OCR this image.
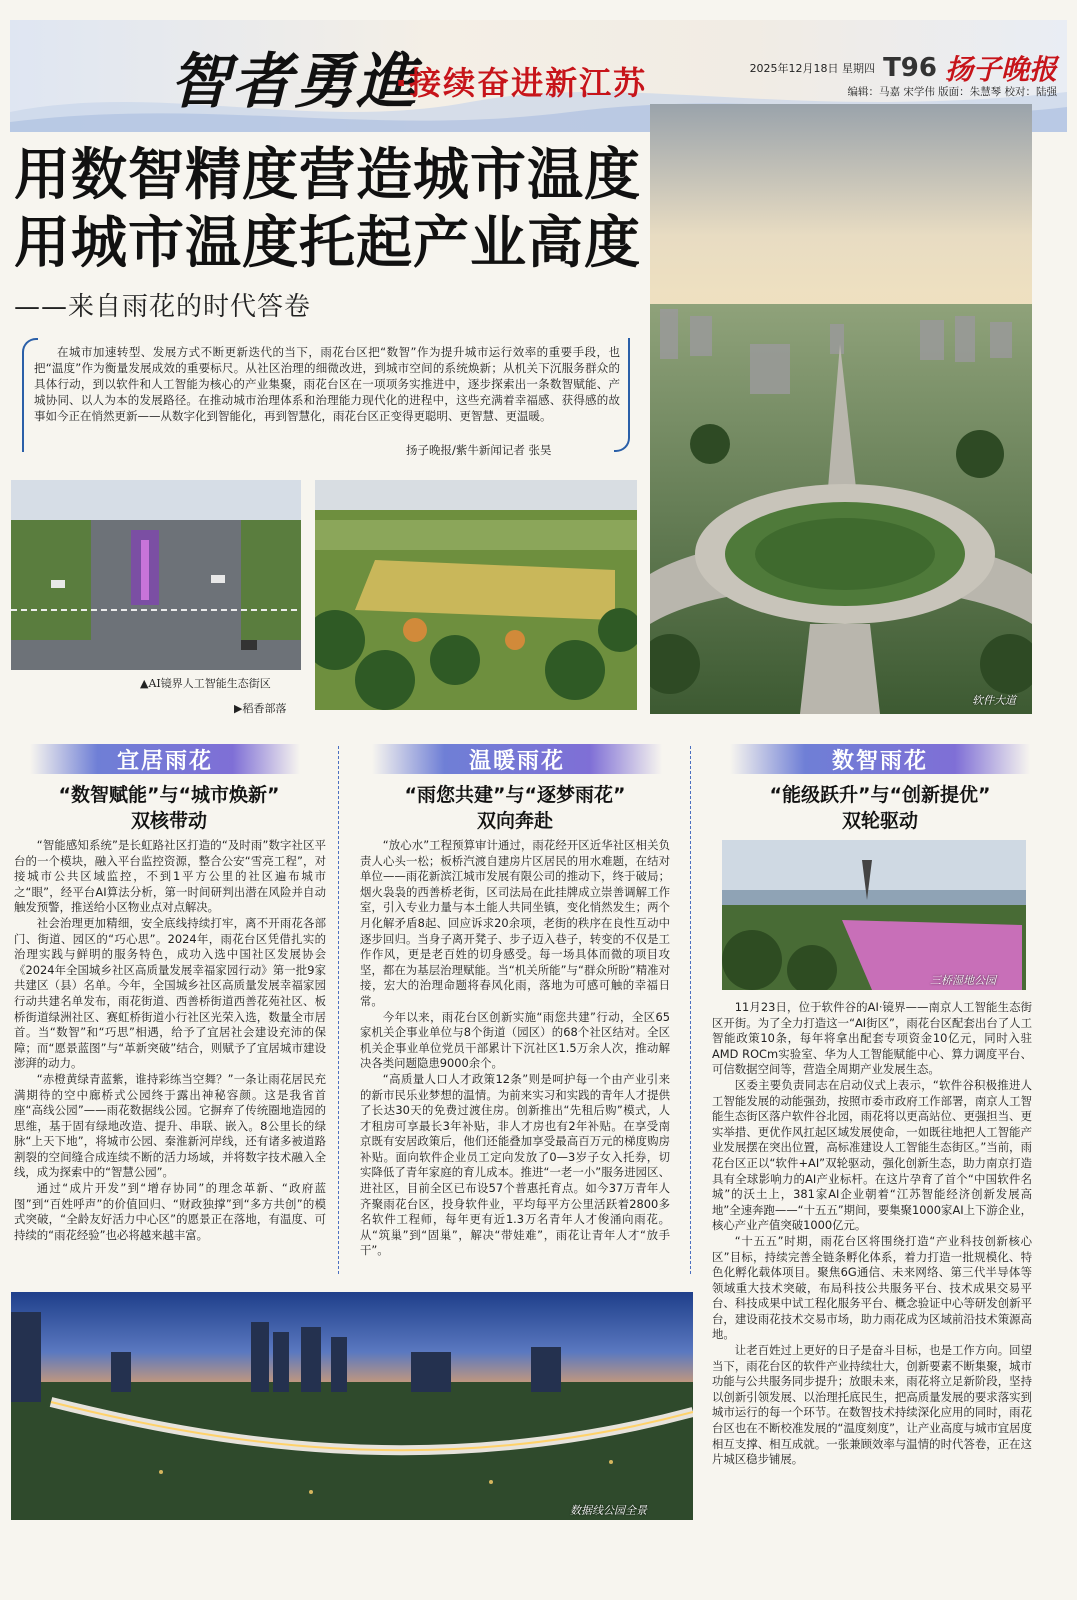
智者勇進
·接续奋进新江苏	2025年12月18日 星期四 T96 扬子晚报
编辑：马嘉 宋学伟 版面：朱慧琴 校对：陆强
用数智精度营造城市温度
用城市温度托起产业高度
——来自雨花的时代答卷
在城市加速转型、发展方式不断更新迭代的当下，雨花台区把“数智”作为提升城市运行效率的重要手段，也把“温度”作为衡量发展成效的重要标尺。从社区治理的细微改进，到城市空间的系统焕新；从机关下沉服务群众的具体行动，到以软件和人工智能为核心的产业集聚，雨花台区在一项项务实推进中，逐步探索出一条数智赋能、产城协同、以人为本的发展路径。在推动城市治理体系和治理能力现代化的进程中，这些充满着幸福感、获得感的故事如今正在悄然更新——从数字化到智能化，再到智慧化，雨花台区正变得更聪明、更智慧、更温暖。
扬子晚报/紫牛新闻记者 张昊
软件大道
▲AI镜界人工智能生态街区
▶稻香部落
宜居雨花	温暖雨花	数智雨花
“数智赋能”与“城市焕新”
双核带动
“雨您共建”与“逐梦雨花”
双向奔赴
“能级跃升”与“创新提优”
双轮驱动

“智能感知系统”是长虹路社区打造的“及时雨”数字社区平台的一个模块，融入平台监控资源，整合公安“雪亮工程”，对接城市公共区域监控，不到1平方公里的社区遍布城市之“眼”，经平台AI算法分析，第一时间研判出潜在风险并自动触发预警，推送给小区物业点对点解决。

社会治理更加精细，安全底线持续打牢，离不开雨花各部门、街道、园区的“巧心思”。2024年，雨花台区凭借扎实的治理实践与鲜明的服务特色，成功入选中国社区发展协会《2024年全国城乡社区高质量发展幸福家园行动》第一批9家共建区（县）名单。今年，全国城乡社区高质量发展幸福家园行动共建名单发布，雨花街道、西善桥街道西善花苑社区、板桥街道绿洲社区、赛虹桥街道小行社区光荣入选，数量全市居首。当“数智”和“巧思”相遇，给予了宜居社会建设充沛的保障；而“愿景蓝图”与“革新突破”结合，则赋予了宜居城市建设澎湃的动力。

“赤橙黄绿青蓝紫，谁持彩练当空舞？”一条让雨花居民充满期待的空中廊桥式公园终于露出神秘容颜。这是我省首座“高线公园”——雨花数据线公园。它摒弃了传统圈地造园的思维，基于固有绿地改造、提升、串联、嵌入。8公里长的绿脉“上天下地”，将城市公园、秦淮新河岸线，还有诸多被道路割裂的空间缝合成连续不断的活力场域，并将数字技术融入全线，成为探索中的“智慧公园”。

通过“成片开发”到“增存协同”的理念革新、“政府蓝图”到“百姓呼声”的价值回归、“财政独撑”到“多方共创”的模式突破，“全龄友好活力中心区”的愿景正在落地，有温度、可持续的“雨花经验”也必将越来越丰富。

“放心水”工程预算审计通过，雨花经开区近华社区相关负责人心头一松；板桥汽渡自建房片区居民的用水难题，在结对单位——雨花新滨江城市发展有限公司的推动下，终于破局；烟火袅袅的西善桥老街，区司法局在此挂牌成立崇善调解工作室，引入专业力量与本土能人共同坐镇，变化悄然发生；两个月化解矛盾8起、回应诉求20余项，老街的秩序在良性互动中逐步回归。当身子离开凳子、步子迈入巷子，转变的不仅是工作作风，更是老百姓的切身感受。每一场具体而微的项目攻坚，都在为基层治理赋能。当“机关所能”与“群众所盼”精准对接，宏大的治理命题将春风化雨，落地为可感可触的幸福日常。

今年以来，雨花台区创新实施“雨您共建”行动，全区65家机关企事业单位与8个街道（园区）的68个社区结对。全区机关企事业单位党员干部累计下沉社区1.5万余人次，推动解决各类问题隐患9000余个。

“高质量人口人才政策12条”则是呵护每一个由产业引来的新市民乐业梦想的温情。为前来实习和实践的青年人才提供了长达30天的免费过渡住房。创新推出“先租后购”模式，人才租房可享最长3年补贴，非人才房也有2年补贴。在享受南京既有安居政策后，他们还能叠加享受最高百万元的梯度购房补贴。面向软件企业员工定向发放了0—3岁子女入托券，切实降低了青年家庭的育儿成本。推进“一老一小”服务进园区、进社区，目前全区已布设57个普惠托育点。如今37万青年人齐聚雨花台区，投身软件业，平均每平方公里活跃着2800多名软件工程师，每年更有近1.3万名青年人才俊涌向雨花。从“筑巢”到“固巢”，解决“带娃难”，雨花让青年人才“放手干”。

三桥湿地公园

11月23日，位于软件谷的AI·镜界——南京人工智能生态街区开街。为了全力打造这一“AI街区”，雨花台区配套出台了人工智能政策10条，每年将拿出配套专项资金10亿元，同时入驻AMD ROCm实验室、华为人工智能赋能中心、算力调度平台、可信数据空间等，营造全周期产业发展生态。

区委主要负责同志在启动仪式上表示，“软件谷积极推进人工智能发展的动能强劲，按照市委市政府工作部署，南京人工智能生态街区落户软件谷北园，雨花将以更高站位、更强担当、更实举措、更优作风扛起区域发展使命，一如既往地把人工智能产业发展摆在突出位置，高标准建设人工智能生态街区。”当前，雨花台区正以“软件+AI”双轮驱动，强化创新生态，助力南京打造具有全球影响力的AI产业标杆。在这片孕育了首个“中国软件名城”的沃土上，381家AI企业朝着“江苏智能经济创新发展高地”全速奔跑——“十五五”期间，要集聚1000家AI上下游企业，核心产业产值突破1000亿元。

“十五五”时期，雨花台区将围绕打造“产业科技创新核心区”目标，持续完善全链条孵化体系，着力打造一批规模化、特色化孵化载体项目。聚焦6G通信、未来网络、第三代半导体等领域重大技术突破，布局科技公共服务平台、技术成果交易平台、科技成果中试工程化服务平台、概念验证中心等研发创新平台，建设雨花技术交易市场，助力雨花成为区域前沿技术策源高地。

让老百姓过上更好的日子是奋斗目标，也是工作方向。回望当下，雨花台区的软件产业持续壮大，创新要素不断集聚，城市功能与公共服务同步提升；放眼未来，雨花将立足新阶段，坚持以创新引领发展、以治理托底民生，把高质量发展的要求落实到城市运行的每一个环节。在数智技术持续深化应用的同时，雨花台区也在不断校准发展的“温度刻度”，让产业高度与城市宜居度相互支撑、相互成就。一张兼顾效率与温情的时代答卷，正在这片城区稳步铺展。

数据线公园全景
